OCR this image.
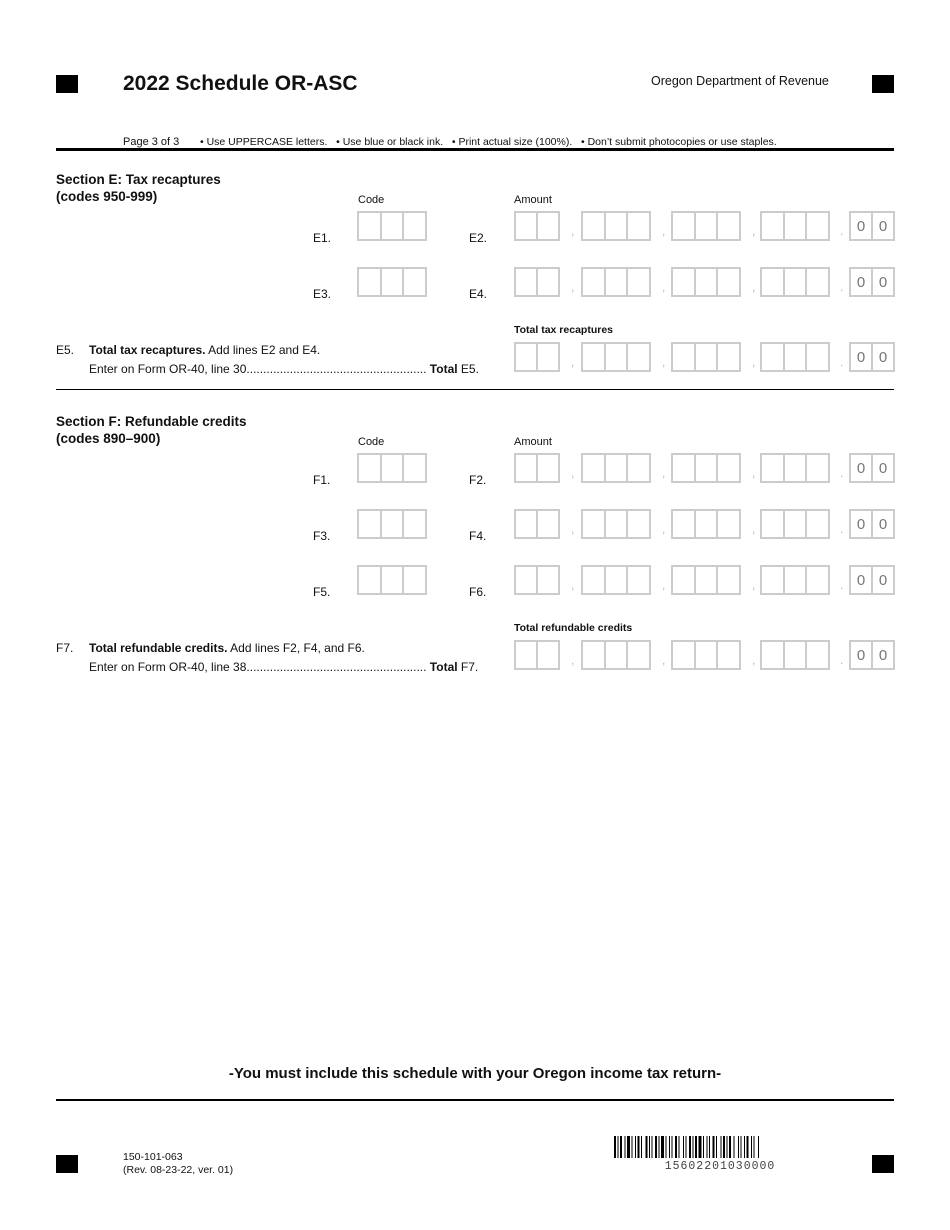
2022 Schedule OR-ASC	Oregon Department of Revenue
Page 3 of 3 • Use UPPERCASE letters.   • Use blue or black ink.   • Print actual size (100%).   • Don’t submit photocopies or use staples.
Section E: Tax recaptures
(codes 950-999)	Code	Amount
E1.	E2.	,	,	,	. 0 0
E3.	E4.	,	,	,	. 0 0
Total tax recaptures
E5. Total tax recaptures. Add lines E2 and E4.
Enter on Form OR-40, line 30...................................................... Total E5.	,	,	,	. 0 0
Section F: Refundable credits
(codes 890–900)	Code	Amount
F1.	F2.	,	,	,	. 0 0
F3.	F4.	,	,	,	. 0 0
F5.	F6.	,	,	,	. 0 0
Total refundable credits
F7. Total refundable credits. Add lines F2, F4, and F6.
Enter on Form OR-40, line 38...................................................... Total F7.	,	,	,	. 0 0
-You must include this schedule with your Oregon income tax return-
150-101-063
(Rev. 08-23-22, ver. 01)	15602201030000
